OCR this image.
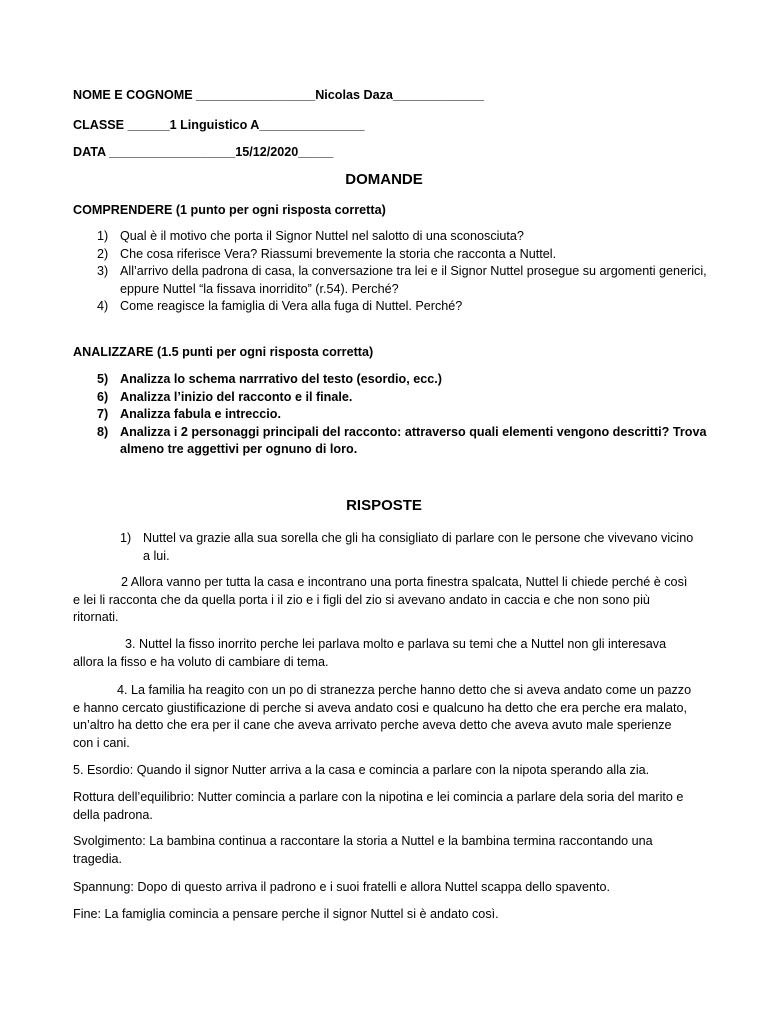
NOME E COGNOME _________________Nicolas Daza_____________
CLASSE ______1 Linguistico A_______________
DATA __________________15/12/2020_____
DOMANDE
COMPRENDERE (1 punto per ogni risposta corretta)
1) Qual è il motivo che porta il Signor Nuttel nel salotto di una sconosciuta?
2) Che cosa riferisce Vera? Riassumi brevemente la storia che racconta a Nuttel.
3) All’arrivo della padrona di casa, la conversazione tra lei e il Signor Nuttel prosegue su argomenti generici, eppure Nuttel “la fissava inorridito” (r.54). Perché?
4) Come reagisce la famiglia di Vera alla fuga di Nuttel. Perché?
ANALIZZARE (1.5 punti per ogni risposta corretta)
5) Analizza lo schema narrrativo del testo (esordio, ecc.)
6) Analizza l’inizio del racconto e il finale.
7) Analizza fabula e intreccio.
8) Analizza i 2 personaggi principali del racconto: attraverso quali elementi vengono descritti? Trova almeno tre aggettivi per ognuno di loro.
RISPOSTE
1) Nuttel va grazie alla sua sorella che gli ha consigliato di parlare con le persone che vivevano vicino a lui.

2 Allora vanno per tutta la casa e incontrano una porta finestra spalcata, Nuttel li chiede perché è così e lei li racconta che da quella porta i il zio e i figli del zio si avevano andato in caccia e che non sono più ritornati.

3. Nuttel la fisso inorrito perche lei parlava molto e parlava su temi che a Nuttel non gli interesava allora la fisso e ha voluto di cambiare di tema.

4. La familia ha reagito con un po di stranezza perche hanno detto che si aveva andato come un pazzo e hanno cercato giustificazione di perche si aveva andato cosi e qualcuno ha detto che era perche era malato, un’altro ha detto che era per il cane che aveva arrivato perche aveva detto che aveva avuto male sperienze con i cani.

5. Esordio: Quando il signor Nutter arriva a la casa e comincia a parlare con la nipota sperando alla zia.
Rottura dell’equilibrio: Nutter comincia a parlare con la nipotina e lei comincia a parlare dela soria del marito e della padrona.
Svolgimento: La bambina continua a raccontare la storia a Nuttel e la bambina termina raccontando una tragedia.
Spannung: Dopo di questo arriva il padrono e i suoi fratelli e allora Nuttel scappa dello spavento.
Fine: La famiglia comincia a pensare perche il signor Nuttel si è andato così.
